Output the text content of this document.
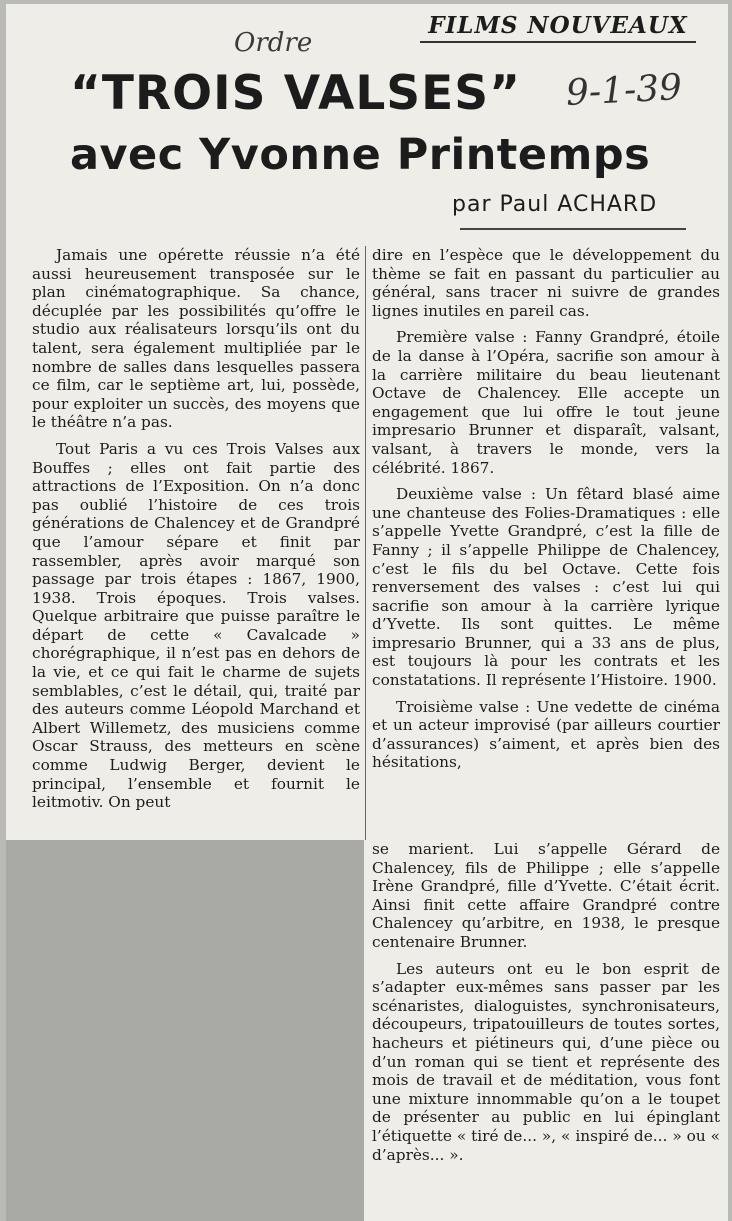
FILMS NOUVEAUX
Ordre
9-1-39
“TROIS VALSES”
avec Yvonne Printemps
par Paul ACHARD

Jamais une opérette réussie n’a été aussi heureusement transposée sur le plan cinématographique. Sa chance, décuplée par les possibilités qu’offre le studio aux réalisateurs lorsqu’ils ont du talent, sera également multipliée par le nombre de salles dans lesquelles passera ce film, car le septième art, lui, possède, pour exploiter un succès, des moyens que le théâtre n’a pas.

Tout Paris a vu ces Trois Valses aux Bouffes ; elles ont fait partie des attractions de l’Exposition. On n’a donc pas oublié l’histoire de ces trois générations de Chalencey et de Grandpré que l’amour sépare et finit par rassembler, après avoir marqué son passage par trois étapes : 1867, 1900, 1938. Trois époques. Trois valses. Quelque arbitraire que puisse paraître le départ de cette « Cavalcade » chorégraphique, il n’est pas en dehors de la vie, et ce qui fait le charme de sujets semblables, c’est le détail, qui, traité par des auteurs comme Léopold Marchand et Albert Willemetz, des musiciens comme Oscar Strauss, des metteurs en scène comme Ludwig Berger, devient le principal, l’ensemble et fournit le leitmotiv. On peut

dire en l’espèce que le développement du thème se fait en passant du particulier au général, sans tracer ni suivre de grandes lignes inutiles en pareil cas.

Première valse : Fanny Grandpré, étoile de la danse à l’Opéra, sacrifie son amour à la carrière militaire du beau lieutenant Octave de Chalencey. Elle accepte un engagement que lui offre le tout jeune impresario Brunner et disparaît, valsant, valsant, à travers le monde, vers la célébrité. 1867.

Deuxième valse : Un fêtard blasé aime une chanteuse des Folies-Dramatiques : elle s’appelle Yvette Grandpré, c’est la fille de Fanny ; il s’appelle Philippe de Chalencey, c’est le fils du bel Octave. Cette fois renversement des valses : c’est lui qui sacrifie son amour à la carrière lyrique d’Yvette. Ils sont quittes. Le même impresario Brunner, qui a 33 ans de plus, est toujours là pour les contrats et les constatations. Il représente l’Histoire. 1900.

Troisième valse : Une vedette de cinéma et un acteur improvisé (par ailleurs courtier d’assurances) s’aiment, et après bien des hésitations,

se marient. Lui s’appelle Gérard de Chalencey, fils de Philippe ; elle s’appelle Irène Grandpré, fille d’Yvette. C’était écrit. Ainsi finit cette affaire Grandpré contre Chalencey qu’arbitre, en 1938, le presque centenaire Brunner.

Les auteurs ont eu le bon esprit de s’adapter eux-mêmes sans passer par les scénaristes, dialoguistes, synchronisateurs, découpeurs, tripatouilleurs de toutes sortes, hacheurs et piétineurs qui, d’une pièce ou d’un roman qui se tient et représente des mois de travail et de méditation, vous font une mixture innommable qu’on a le toupet de présenter au public en lui épinglant l’étiquette « tiré de... », « inspiré de... » ou « d’après... ».
